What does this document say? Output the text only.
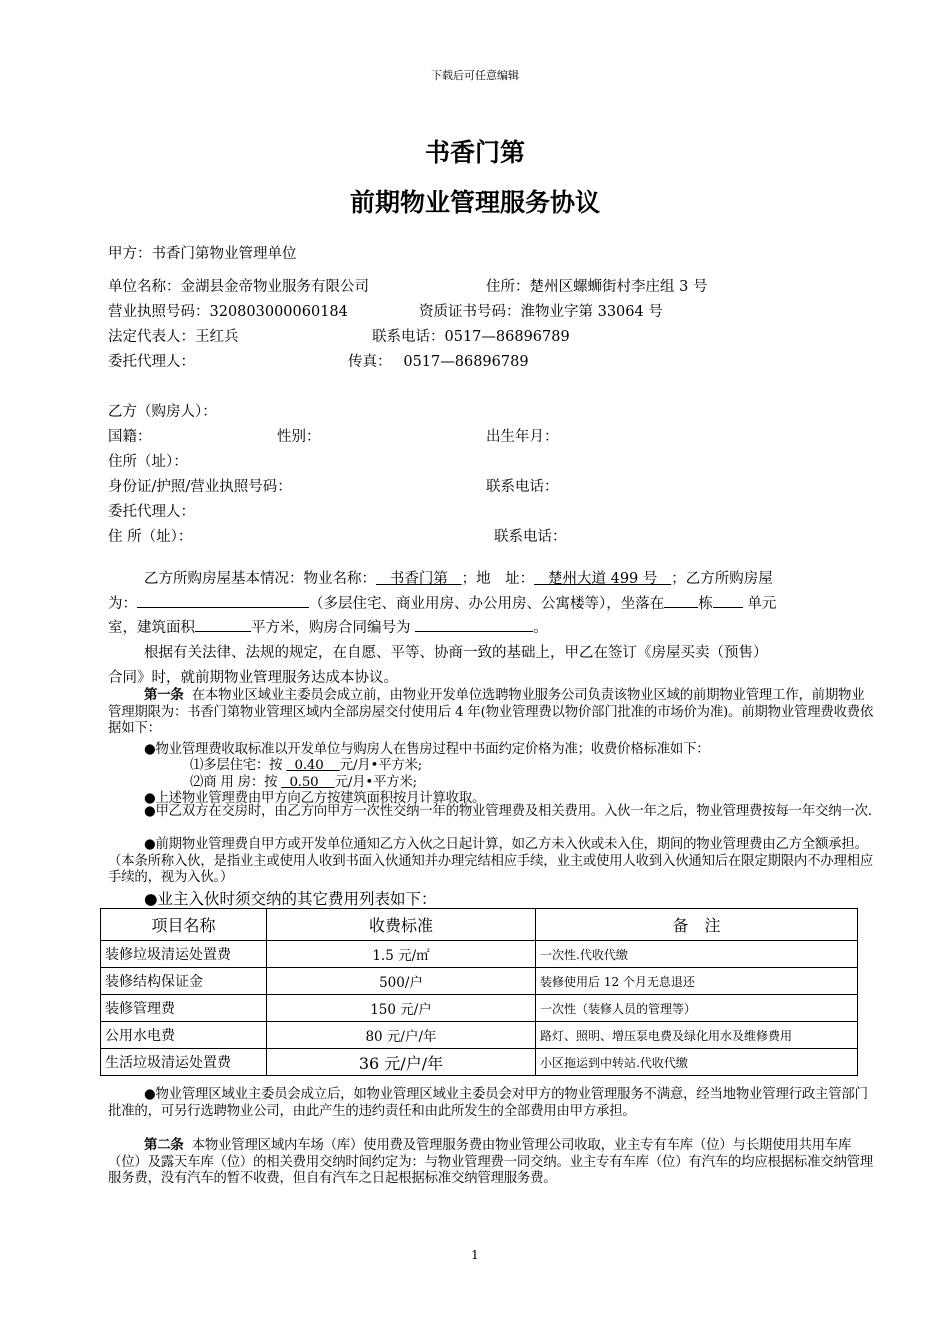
下载后可任意编辑
书香门第
前期物业管理服务协议
甲方：书香门第物业管理单位
单位名称：金湖县金帝物业服务有限公司	住所：楚州区螺蛳街村李庄组 3 号
营业执照号码：320803000060184	资质证书号码：淮物业字第 33064 号
法定代表人：王红兵	联系电话：0517—86896789
委托代理人：	传真：　 0517—86896789
乙方（购房人）：
国籍：	性别：	出生年月：
住所（址）：
身份证/护照/营业执照号码：	联系电话：
委托代理人：
住 所（址）：	联系电话：
乙方所购房屋基本情况：物业名称： 书香门第 ；地　址： 楚州大道 499 号 ；乙方所购房屋
为：	（多层住宅、商业用房、办公用房、公寓楼等），坐落在 栋 单元
室，建筑面积	平方米，购房合同编号为	。
根据有关法律、法规的规定，在自愿、平等、协商一致的基础上，甲乙在签订《房屋买卖（预售）
合同》时，就前期物业管理服务达成本协议。
第一条 在本物业区域业主委员会成立前，由物业开发单位选聘物业服务公司负责该物业区域的前期物业管理工作，前期物业管理期限为：书香门第物业管理区域内全部房屋交付使用后 4 年(物业管理费以物价部门批准的市场价为准)。前期物业管理费收费依据如下：
●物业管理费收取标准以开发单位与购房人在售房过程中书面约定价格为准；收费价格标准如下：
⑴多层住宅：按 0.40 元/月•平方米;
⑵商 用 房：按 0.50 元/月•平方米;
●上述物业管理费由甲方向乙方按建筑面积按月计算收取。
●甲乙双方在交房时，由乙方向甲方一次性交纳一年的物业管理费及相关费用。入伙一年之后，物业管理费按每一年交纳一次.
●前期物业管理费自甲方或开发单位通知乙方入伙之日起计算，如乙方未入伙或未入住，期间的物业管理费由乙方全额承担。（本条所称入伙，是指业主或使用人收到书面入伙通知并办理完结相应手续，业主或使用人收到入伙通知后在限定期限内不办理相应手续的，视为入伙。）
●业主入伙时须交纳的其它费用列表如下：
项目名称	收费标准	备　注
装修垃圾清运处置费	1.5 元/㎡	一次性.代收代缴
装修结构保证金	500/户	装修使用后 12 个月无息退还
装修管理费	150 元/户	一次性（装修人员的管理等）
公用水电费	80 元/户/年	路灯、照明、增压泵电费及绿化用水及维修费用
生活垃圾清运处置费	36 元/户/年	小区拖运到中转站.代收代缴
●物业管理区域业主委员会成立后，如物业管理区域业主委员会对甲方的物业管理服务不满意，经当地物业管理行政主管部门批准的，可另行选聘物业公司，由此产生的违约责任和由此所发生的全部费用由甲方承担。
第二条 本物业管理区域内车场（库）使用费及管理服务费由物业管理公司收取，业主专有车库（位）与长期使用共用车库（位）及露天车库（位）的相关费用交纳时间约定为：与物业管理费一同交纳。业主专有车库（位）有汽车的均应根据标准交纳管理服务费，没有汽车的暂不收费，但自有汽车之日起根据标准交纳管理服务费。
1
